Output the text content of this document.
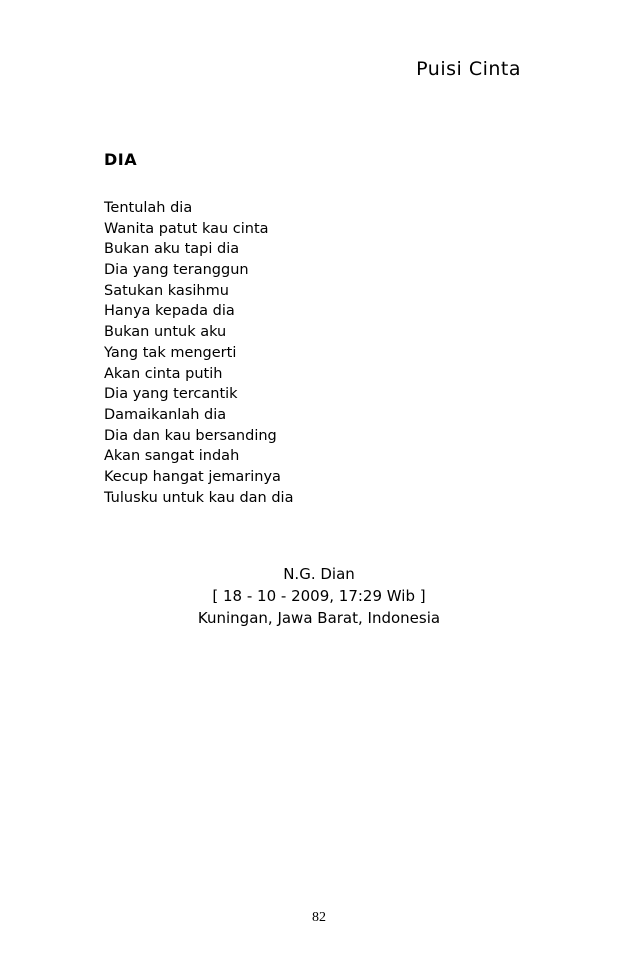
Puisi Cinta
DIA
Tentulah dia
Wanita patut kau cinta
Bukan aku tapi dia
Dia yang teranggun
Satukan kasihmu
Hanya kepada dia
Bukan untuk aku
Yang tak mengerti
Akan cinta putih
Dia yang tercantik
Damaikanlah dia
Dia dan kau bersanding
Akan sangat indah
Kecup hangat jemarinya
Tulusku untuk kau dan dia
N.G. Dian
[ 18 - 10 - 2009, 17:29 Wib ]
Kuningan, Jawa Barat, Indonesia
82
